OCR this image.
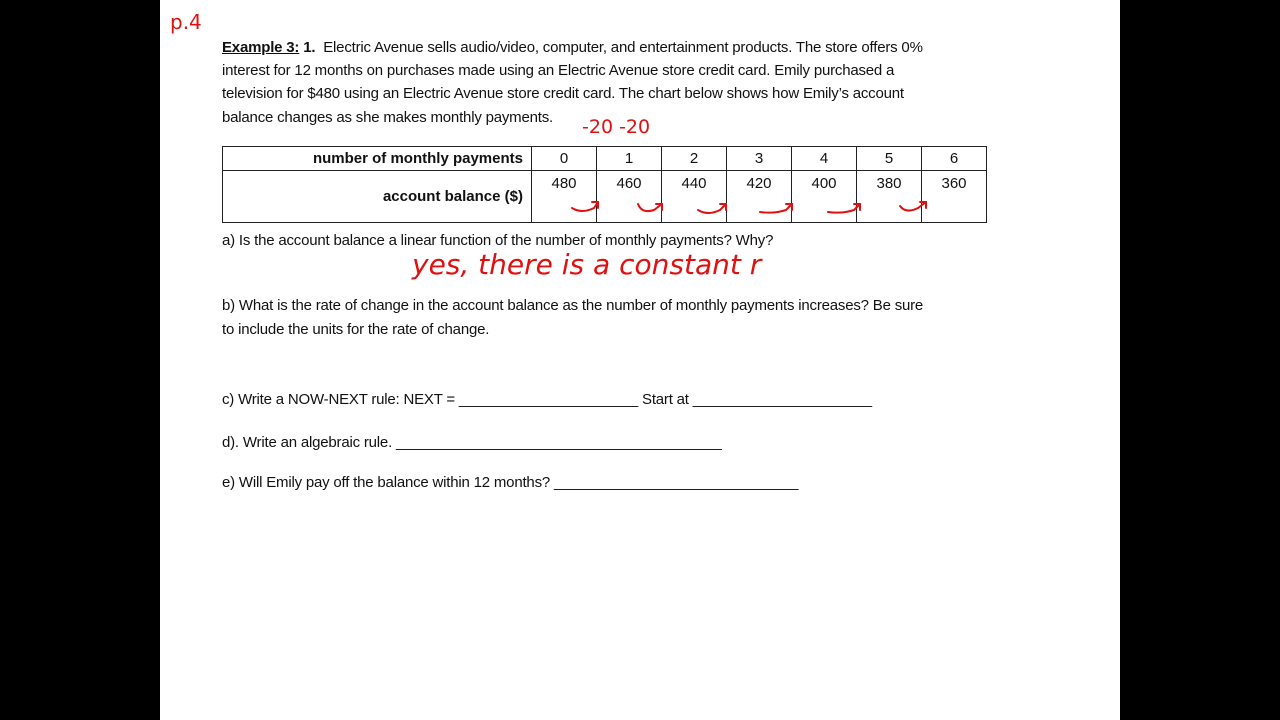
p.4
Example 3: 1. Electric Avenue sells audio/video, computer, and entertainment products. The store offers 0%
interest for 12 months on purchases made using an Electric Avenue store credit card. Emily purchased a
television for $480 using an Electric Avenue store credit card. The chart below shows how Emily’s account
balance changes as she makes monthly payments. -20 -20
number of monthly payments	0	1	2	3	4	5	6
account balance ($)	480	460	440	420	400	380	360
a) Is the account balance a linear function of the number of monthly payments? Why?
yes, there is a constant r
b) What is the rate of change in the account balance as the number of monthly payments increases? Be sure
to include the units for the rate of change.
c) Write a NOW-NEXT rule: NEXT = ______________________ Start at ______________________
d). Write an algebraic rule. ________________________________________
e) Will Emily pay off the balance within 12 months? ______________________________
